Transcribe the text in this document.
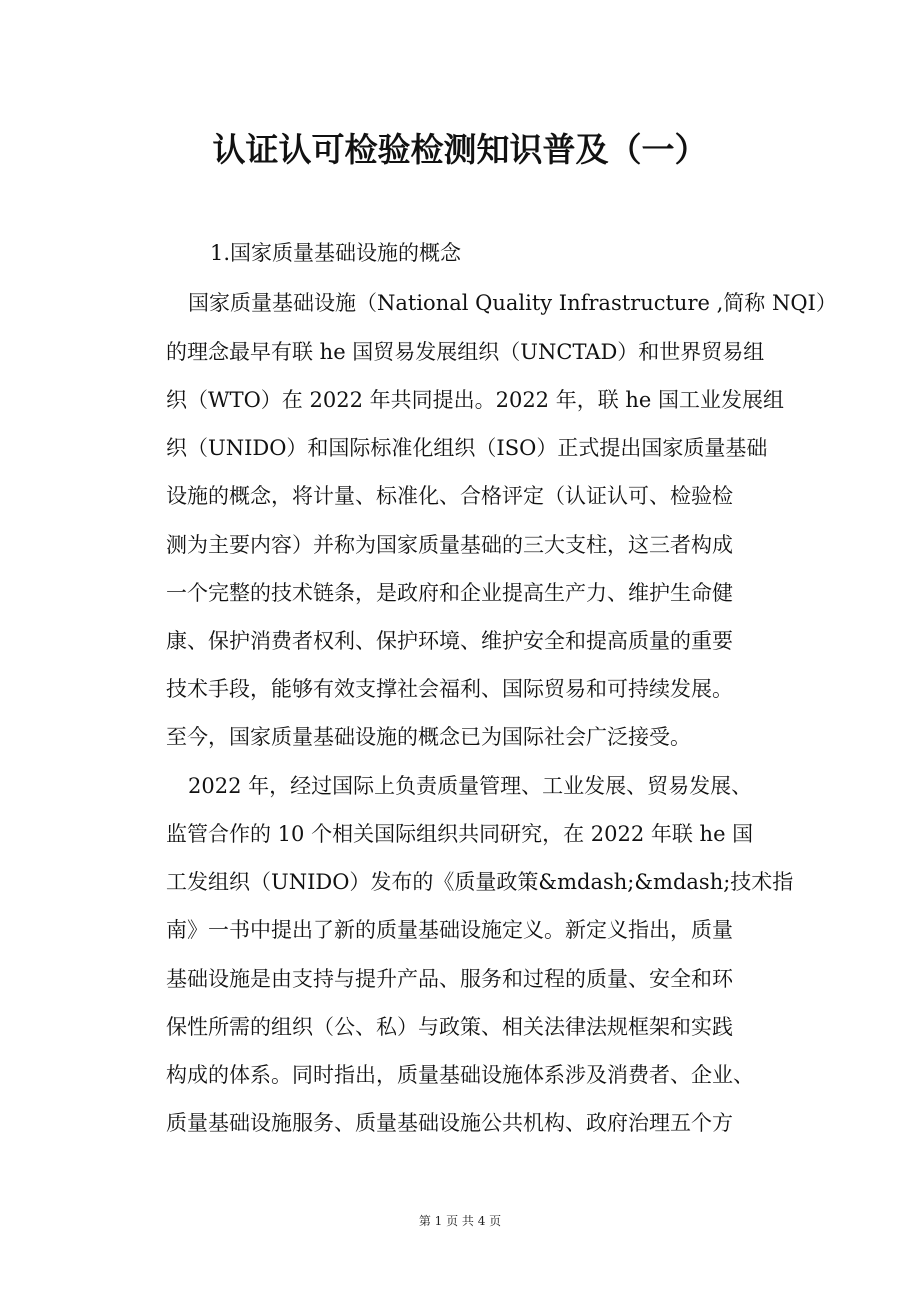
认证认可检验检测知识普及（一）
1.国家质量基础设施的概念
国家质量基础设施（National Quality Infrastructure ,简称 NQI）
的理念最早有联 he 国贸易发展组织（UNCTAD）和世界贸易组
织（WTO）在 2022 年共同提出。2022 年，联 he 国工业发展组
织（UNIDO）和国际标准化组织（ISO）正式提出国家质量基础
设施的概念，将计量、标准化、合格评定（认证认可、检验检
测为主要内容）并称为国家质量基础的三大支柱，这三者构成
一个完整的技术链条，是政府和企业提高生产力、维护生命健
康、保护消费者权利、保护环境、维护安全和提高质量的重要
技术手段，能够有效支撑社会福利、国际贸易和可持续发展。
至今，国家质量基础设施的概念已为国际社会广泛接受。
2022 年，经过国际上负责质量管理、工业发展、贸易发展、
监管合作的 10 个相关国际组织共同研究，在 2022 年联 he 国
工发组织（UNIDO）发布的《质量政策&mdash;&mdash;技术指
南》一书中提出了新的质量基础设施定义。新定义指出，质量
基础设施是由支持与提升产品、服务和过程的质量、安全和环
保性所需的组织（公、私）与政策、相关法律法规框架和实践
构成的体系。同时指出，质量基础设施体系涉及消费者、企业、
质量基础设施服务、质量基础设施公共机构、政府治理五个方
第 1 页 共 4 页
